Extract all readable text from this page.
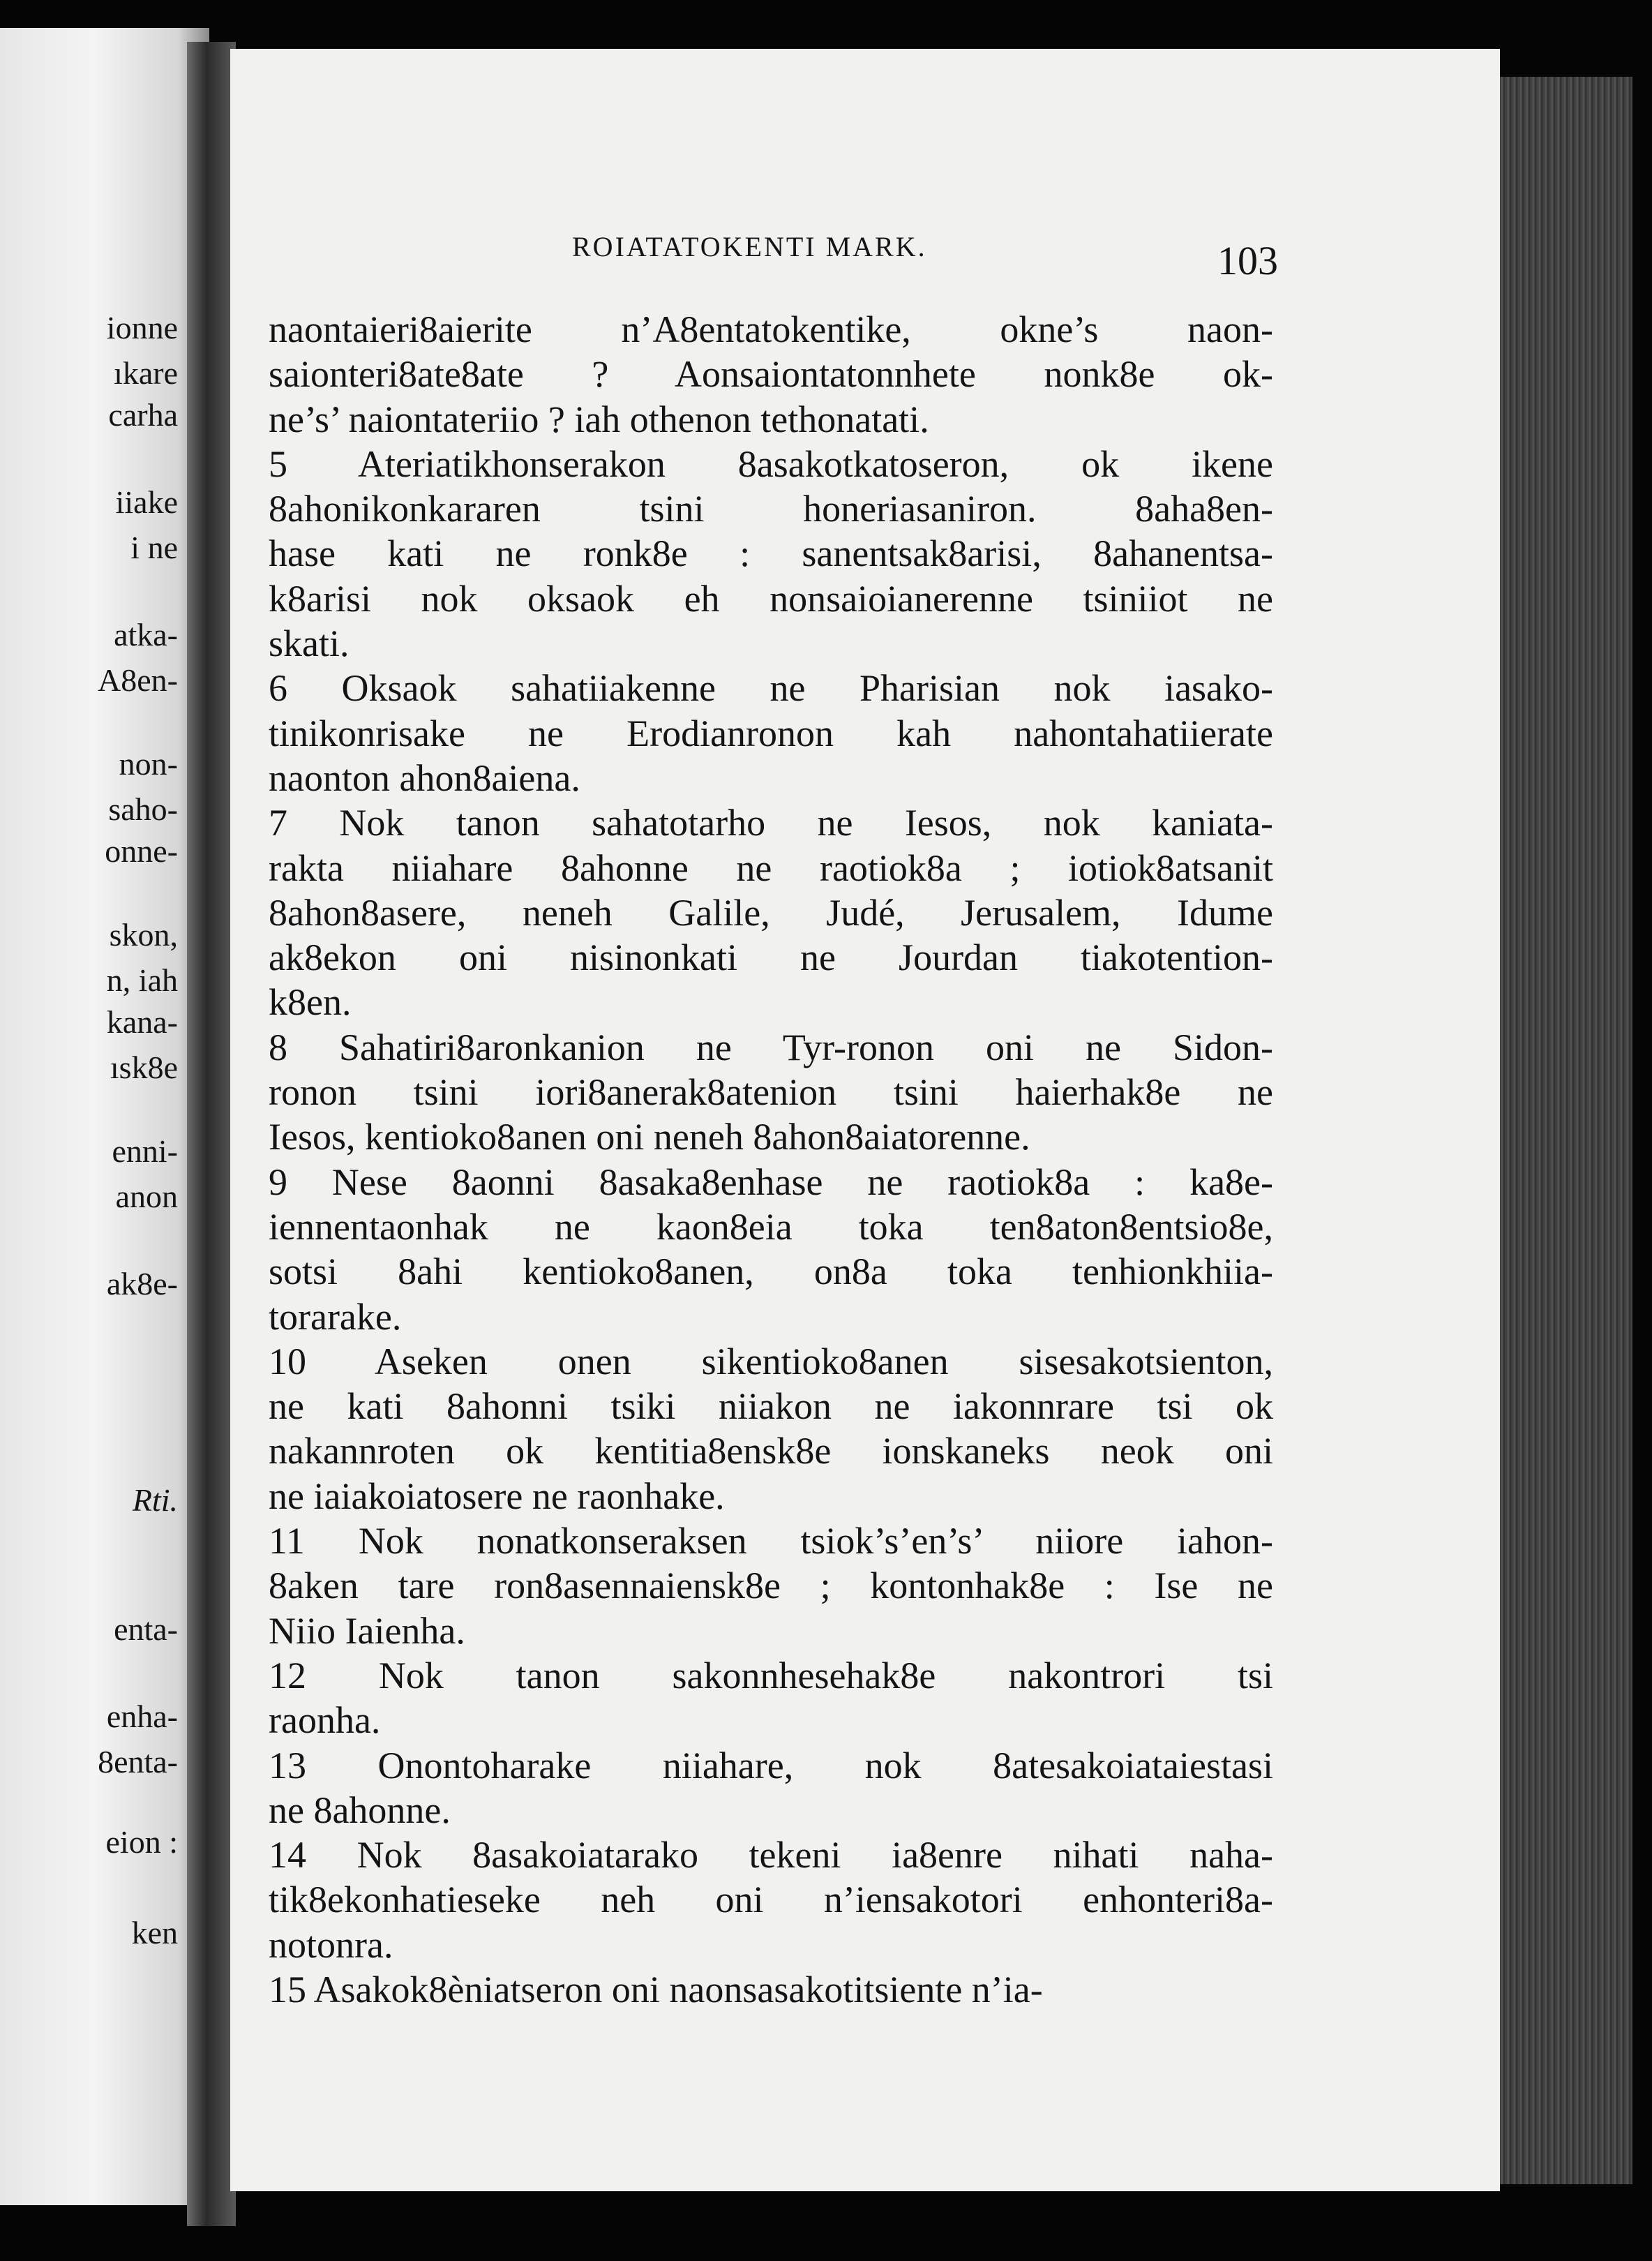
ionne
ıkare
carha
iiake
i ne
atka-
A8en-
non-
saho-
onne-
skon,
n, iah
kana-
ısk8e
enni-
anon
ak8e-
Rti.
enta-
enha-
8enta-
eion :
ken
ROIATATOKENTI MARK.	103
naontaieri8aierite n’A8entatokentike, okne’s naon-
saionteri8ate8ate ? Aonsaiontatonnhete nonk8e ok-
ne’s’ naiontateriio ? iah othenon tethonatati.
5 Ateriatikhonserakon 8asakotkatoseron, ok ikene
8ahonikonkararen tsini honeriasaniron. 8aha8en-
hase kati ne ronk8e : sanentsak8arisi, 8ahanentsa-
k8arisi nok oksaok eh nonsaioianerenne tsiniiot ne
skati.
6 Oksaok sahatiiakenne ne Pharisian nok iasako-
tinikonrisake ne Erodianronon kah nahontahatiierate
naonton ahon8aiena.
7 Nok tanon sahatotarho ne Iesos, nok kaniata-
rakta niiahare 8ahonne ne raotiok8a ; iotiok8atsanit
8ahon8asere, neneh Galile, Judé, Jerusalem, Idume
ak8ekon oni nisinonkati ne Jourdan tiakotention-
k8en.
8 Sahatiri8aronkanion ne Tyr-ronon oni ne Sidon-
ronon tsini iori8anerak8atenion tsini haierhak8e ne
Iesos, kentioko8anen oni neneh 8ahon8aiatorenne.
9 Nese 8aonni 8asaka8enhase ne raotiok8a : ka8e-
iennentaonhak ne kaon8eia toka ten8aton8entsio8e,
sotsi 8ahi kentioko8anen, on8a toka tenhionkhiia-
torarake.
10 Aseken onen sikentioko8anen sisesakotsienton,
ne kati 8ahonni tsiki niiakon ne iakonnrare tsi ok
nakannroten ok kentitia8ensk8e ionskaneks neok oni
ne iaiakoiatosere ne raonhake.
11 Nok nonatkonseraksen tsiok’s’en’s’ niiore iahon-
8aken tare ron8asennaiensk8e ; kontonhak8e : Ise ne
Niio Iaienha.
12 Nok tanon sakonnhesehak8e nakontrori tsi
raonha.
13 Onontoharake niiahare, nok 8atesakoiataiestasi
ne 8ahonne.
14 Nok 8asakoiatarako tekeni ia8enre nihati naha-
tik8ekonhatieseke neh oni n’iensakotori enhonteri8a-
notonra.
15 Asakok8èniatseron oni naonsasakotitsiente n’ia-
